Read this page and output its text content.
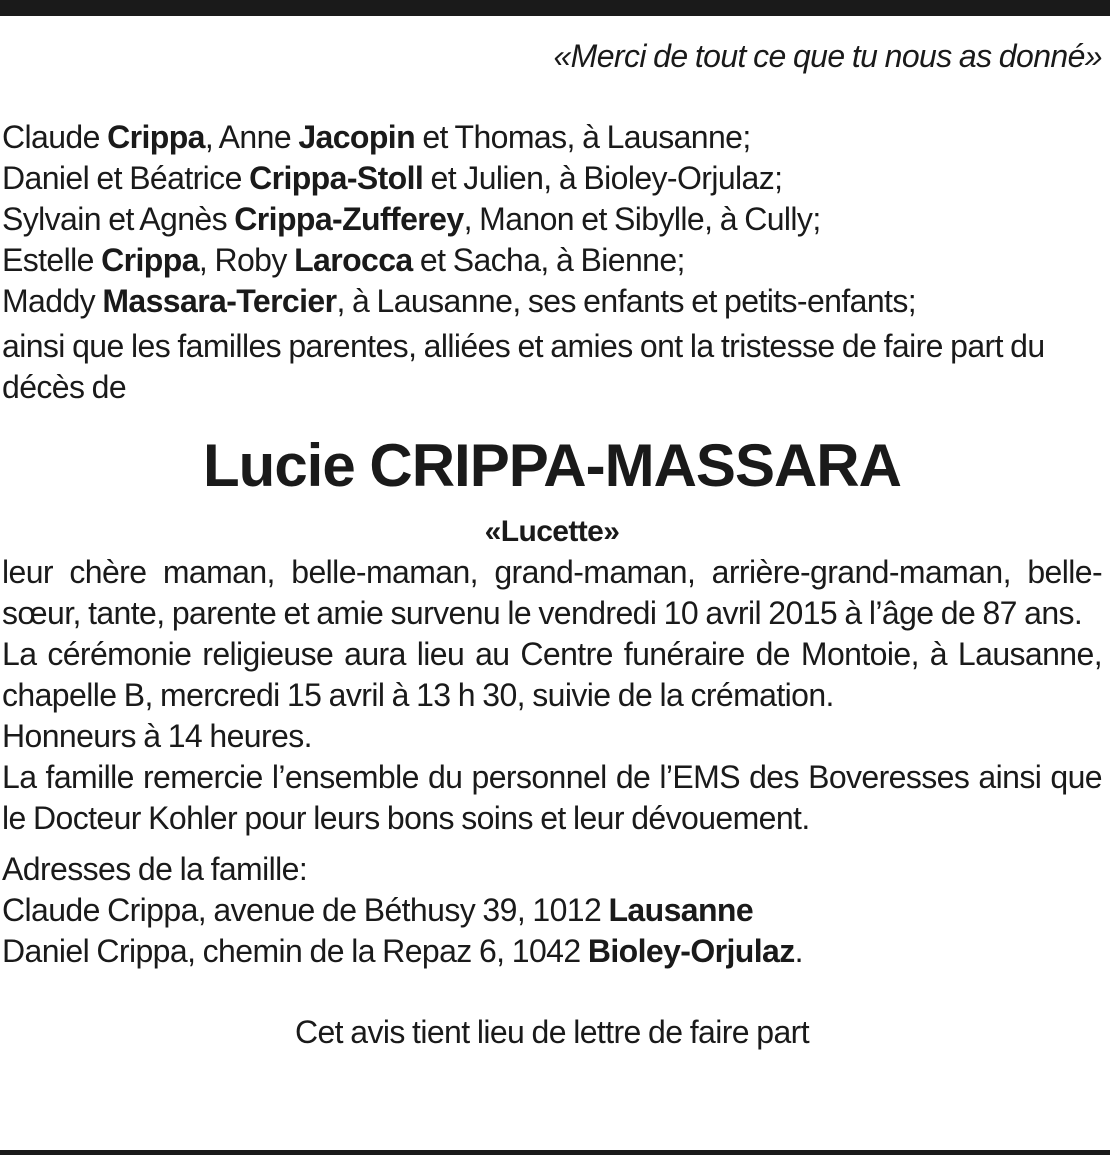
«Merci de tout ce que tu nous as donné»

Claude Crippa, Anne Jacopin et Thomas, à Lausanne;

Daniel et Béatrice Crippa-Stoll et Julien, à Bioley-Orjulaz;

Sylvain et Agnès Crippa-Zufferey, Manon et Sibylle, à Cully;

Estelle Crippa, Roby Larocca et Sacha, à Bienne;

Maddy Massara-Tercier, à Lausanne, ses enfants et petits-enfants;

ainsi que les familles parentes, alliées et amies ont la tristesse de faire part du décès de

Lucie CRIPPA-MASSARA
«Lucette»

leur chère maman, belle-maman, grand-maman, arrière-grand-maman, belle-sœur, tante, parente et amie survenu le vendredi 10 avril 2015 à l’âge de 87 ans.

La cérémonie religieuse aura lieu au Centre funéraire de Montoie, à Lausanne, chapelle B, mercredi 15 avril à 13 h 30, suivie de la crémation.

Honneurs à 14 heures.

La famille remercie l’ensemble du personnel de l’EMS des Boveresses ainsi que le Docteur Kohler pour leurs bons soins et leur dévouement.

Adresses de la famille:

Claude Crippa, avenue de Béthusy 39, 1012 Lausanne

Daniel Crippa, chemin de la Repaz 6, 1042 Bioley-Orjulaz.

Cet avis tient lieu de lettre de faire part
